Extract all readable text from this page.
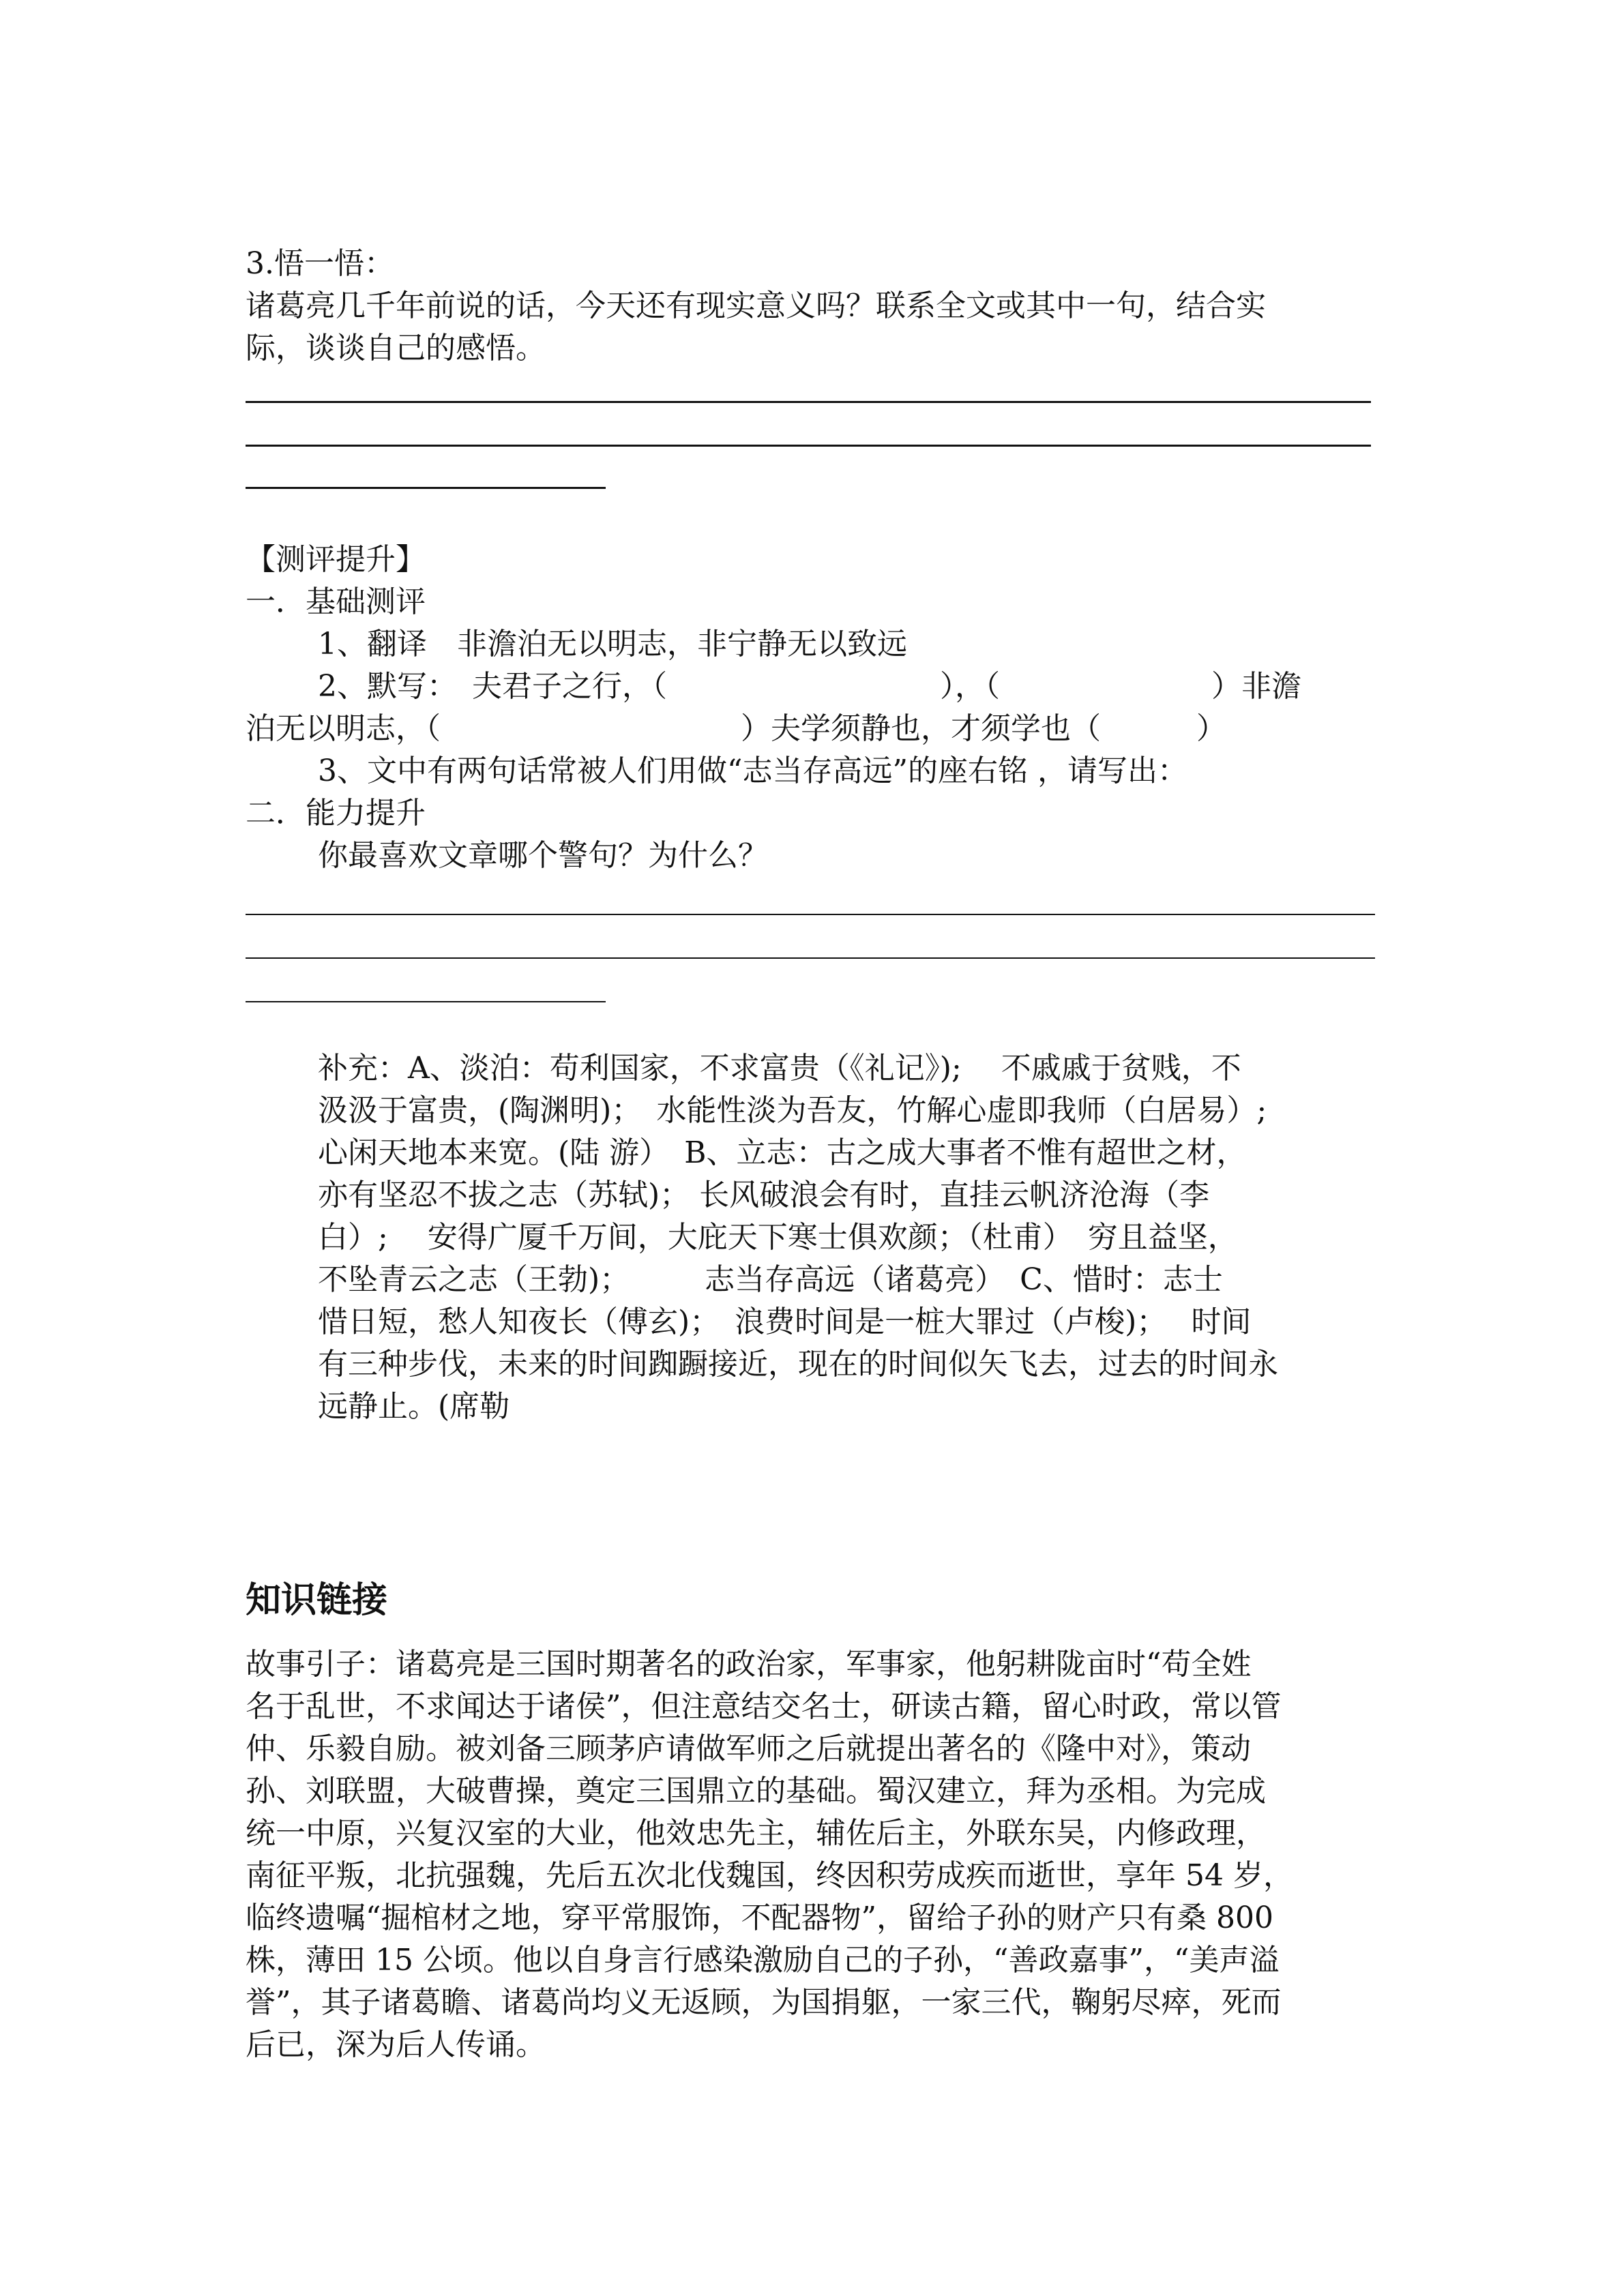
3.悟一悟：
诸葛亮几千年前说的话，今天还有现实意义吗？联系全文或其中一句，结合实
际，谈谈自己的感悟。
【测评提升】
一．基础测评
1、翻译　非澹泊无以明志，非宁静无以致远
2、默写：　夫君子之行，（	），（	）非澹
泊无以明志，（	）夫学须静也，才须学也（	）
3、文中有两句话常被人们用做“志当存高远”的座右铭 ，请写出：
二．能力提升
你最喜欢文章哪个警句？为什么？
补充：A、淡泊：苟利国家，不求富贵（《礼记》);　 不戚戚于贫贱，不
汲汲于富贵，(陶渊明)；　水能性淡为吾友，竹解心虚即我师（白居易）;
心闲天地本来宽。(陆 游）　B、立志：古之成大事者不惟有超世之材，
亦有坚忍不拔之志（苏轼)； 长风破浪会有时，直挂云帆济沧海（李
白）;　 安得广厦千万间，大庇天下寒士俱欢颜；（杜甫）　穷且益坚，
不坠青云之志（王勃)；　　　志当存高远（诸葛亮）　C、惜时：志士
惜日短，愁人知夜长（傅玄)；　浪费时间是一桩大罪过（卢梭)；　 时间
有三种步伐，未来的时间踟蹰接近，现在的时间似矢飞去，过去的时间永
远静止。(席勒
知识链接
故事引子：诸葛亮是三国时期著名的政治家，军事家，他躬耕陇亩时“苟全姓
名于乱世，不求闻达于诸侯”，但注意结交名士，研读古籍，留心时政，常以管
仲、乐毅自励。被刘备三顾茅庐请做军师之后就提出著名的《隆中对》，策动
孙、刘联盟，大破曹操，奠定三国鼎立的基础。蜀汉建立，拜为丞相。为完成
统一中原，兴复汉室的大业，他效忠先主，辅佐后主，外联东吴，内修政理，
南征平叛，北抗强魏，先后五次北伐魏国，终因积劳成疾而逝世，享年 54 岁，
临终遗嘱“掘棺材之地，穿平常服饰，不配器物”，留给子孙的财产只有桑 800
株，薄田 15 公顷。他以自身言行感染激励自己的子孙，“善政嘉事”，“美声溢
誉”，其子诸葛瞻、诸葛尚均义无返顾，为国捐躯，一家三代，鞠躬尽瘁，死而
后已，深为后人传诵。
